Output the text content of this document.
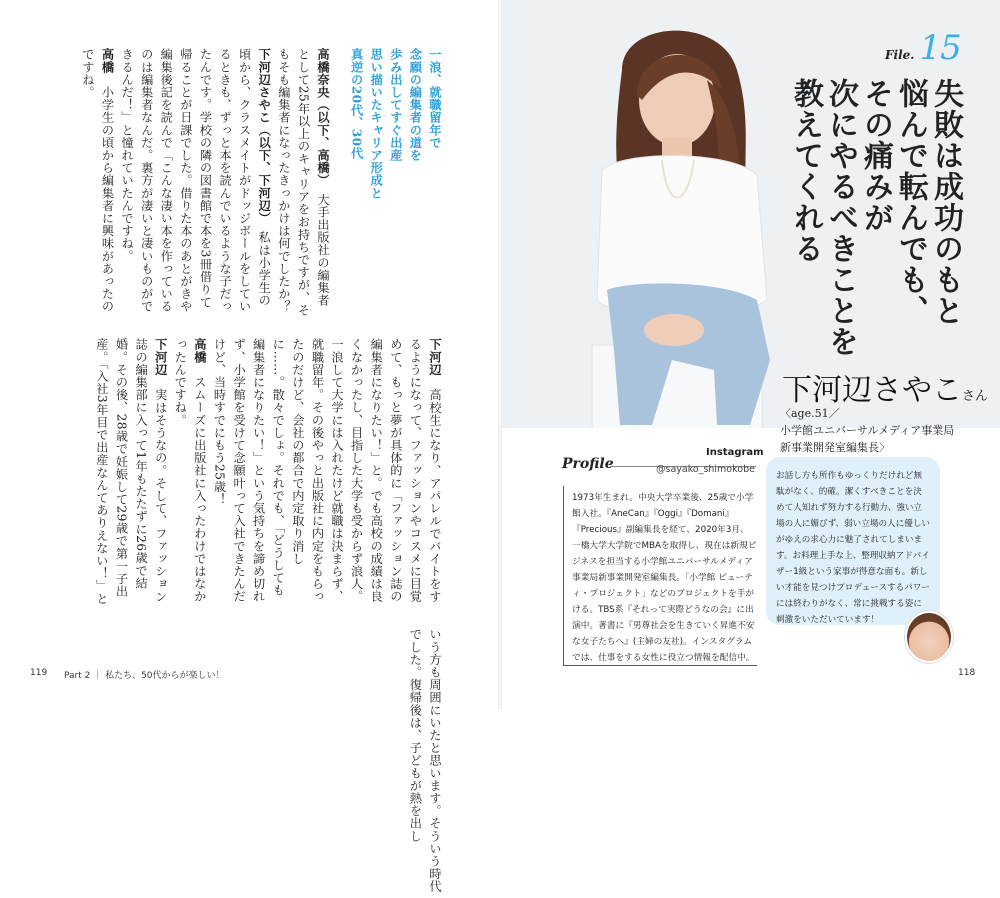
一浪、就職留年で
念願の編集者の道を
歩み出してすぐ出産
思い描いたキャリア形成と
真逆の20代、30代

高橋奈央（以下、高橋）　大手出版社の編集者として25年以上のキャリアをお持ちですが、そもそも編集者になったきっかけは何でしたか？

下河辺さやこ（以下、下河辺）　私は小学生の頃から、クラスメイトがドッジボールをしているときも、ずっと本を読んでいるような子だったんです。学校の隣の図書館で本を3冊借りて帰ることが日課でした。借りた本のあとがきや編集後記を読んで「こんな凄い本を作っているのは編集者なんだ。裏方が凄いと凄いものができるんだ！」と憧れていたんですね。

高橋　小学生の頃から編集者に興味があったのですね。

下河辺　高校生になり、アパレルでバイトをするようになって、ファッションやコスメに目覚めて、もっと夢が具体的に「ファッション誌の編集者になりたい！」と。でも高校の成績は良くなかったし、目指した大学も受からず浪人。一浪して大学には入れたけど就職は決まらず、就職留年。その後やっと出版社に内定をもらったのだけど、会社の都合で内定取り消しに……。散々でしょ。それでも、「どうしても編集者になりたい！」という気持ちを諦め切れず、小学館を受けて念願叶って入社できたんだけど、当時すでにもう25歳！

高橋　スムーズに出版社に入ったわけではなかったんですね。

下河辺　実はそうなの。そして、ファッション誌の編集部に入って1年もたたずに26歳で結婚。その後、28歳で妊娠して29歳で第一子出産。「入社3年目で出産なんてありえない！」という方も周囲にいたと思います。そういう時代でした。復帰後は、子どもが熱を出し

119 Part 2 ｜ 私たち、50代からが楽しい！
File. 15
失敗は成功のもと
悩んで転んでも、
その痛みが
次にやるべきことを
教えてくれる
下河辺さやこさん
〈age.51／
小学館ユニバーサルメディア事業局
新事業開発室編集長〉
Profile
Instagram
@sayako_shimokobe
1973年生まれ。中央大学卒業後、25歳で小学館入社。『AneCan』『Oggi』『Domani』『Precious』副編集長を経て、2020年3月、一橋大学大学院でMBAを取得し、現在は新規ビジネスを担当する小学館ユニバーサルメディア事業局新事業開発室編集長。「小学館 ビューティ・プロジェクト」などのプロジェクトを手がける。TBS系『それって実際どうなの会』に出演中。著書に『男尊社会を生きていく昇進不安な女子たちへ』(主婦の友社)。インスタグラムでは、仕事をする女性に役立つ情報を配信中。
お話し方も所作もゆっくりだけれど無駄がなく、的確。潔くすべきことを決めて人知れず努力する行動力、強い立場の人に媚びず、弱い立場の人に優しいがゆえの求心力に魅了されてしまいます。お料理上手な上、整理収納アドバイザー1級という家事が得意な面も。新しい才能を見つけプロデュースするパワーには終わりがなく、常に挑戦する姿に刺激をいただいています！
118
